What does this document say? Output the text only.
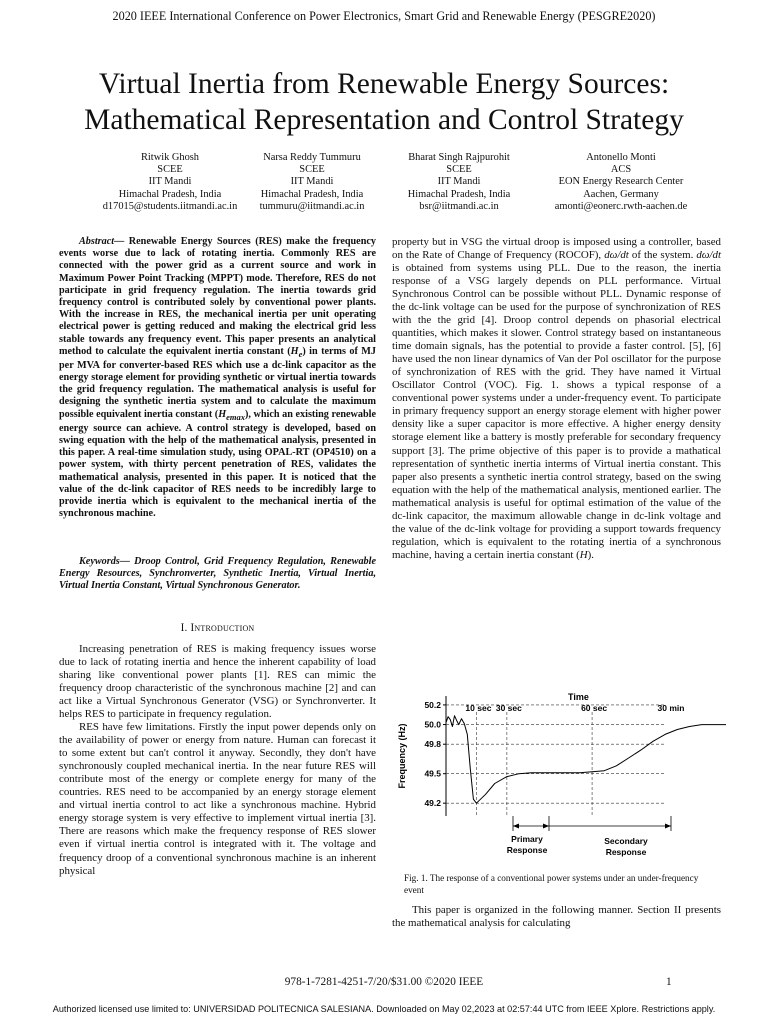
2020 IEEE International Conference on Power Electronics, Smart Grid and Renewable Energy (PESGRE2020)
Virtual Inertia from Renewable Energy Sources:
Mathematical Representation and Control Strategy
Ritwik Ghosh
SCEE
IIT Mandi
Himachal Pradesh, India
d17015@students.iitmandi.ac.in
Narsa Reddy Tummuru
SCEE
IIT Mandi
Himachal Pradesh, India
tummuru@iitmandi.ac.in
Bharat Singh Rajpurohit
SCEE
IIT Mandi
Himachal Pradesh, India
bsr@iitmandi.ac.in
Antonello Monti
ACS
EON Energy Research Center
Aachen, Germany
amonti@eonerc.rwth-aachen.de

Abstract— Renewable Energy Sources (RES) make the frequency events worse due to lack of rotating inertia. Commonly RES are connected with the power grid as a current source and work in Maximum Power Point Tracking (MPPT) mode. Therefore, RES do not participate in grid frequency regulation. The inertia towards grid frequency control is contributed solely by conventional power plants. With the increase in RES, the mechanical inertia per unit operating electrical power is getting reduced and making the electrical grid less stable towards any frequency event. This paper presents an analytical method to calculate the equivalent inertia constant $(H_e)$ in terms of MJ per MVA for converter-based RES which use a dc-link capacitor as the energy storage element for providing synthetic or virtual inertia towards the grid frequency regulation. The mathematical analysis is useful for designing the synthetic inertia system and to calculate the maximum possible equivalent inertia constant $(H_{emax})$, which an existing renewable energy source can achieve. A control strategy is developed, based on swing equation with the help of the mathematical analysis, presented in this paper. A real-time simulation study, using OPAL-RT (OP4510) on a power system, with thirty percent penetration of RES, validates the mathematical analysis, presented in this paper. It is noticed that the value of the dc-link capacitor of RES needs to be incredibly large to provide inertia which is equivalent to the mechanical inertia of the synchronous machine.

Keywords— Droop Control, Grid Frequency Regulation, Renewable Energy Resources, Synchronverter, Synthetic Inertia, Virtual Inertia, Virtual Inertia Constant, Virtual Synchronous Generator.

I. Introduction

Increasing penetration of RES is making frequency issues worse due to lack of rotating inertia and hence the inherent capability of load sharing like conventional power plants [1]. RES can mimic the frequency droop characteristic of the synchronous machine [2] and can act like a Virtual Synchronous Generator (VSG) or Synchronverter. It helps RES to participate in frequency regulation.

RES have few limitations. Firstly the input power depends only on the availability of power or energy from nature. Human can forecast it to some extent but can't control it anyway. Secondly, they don't have synchronously coupled mechanical inertia. In the near future RES will contribute most of the energy or complete energy for many of the countries. RES need to be accompanied by an energy storage element and virtual inertia control to act like a synchronous machine. Hybrid energy storage system is very effective to implement virtual inertia [3]. There are reasons which make the frequency response of RES slower even if virtual inertia control is integrated with it. The voltage and frequency droop of a conventional synchronous machine is an inherent physical

property but in VSG the virtual droop is imposed using a controller, based on the Rate of Change of Frequency (ROCOF), dω/dt of the system. dω/dt is obtained from systems using PLL. Due to the reason, the inertia response of a VSG largely depends on PLL performance. Virtual Synchronous Control can be possible without PLL. Dynamic response of the dc-link voltage can be used for the purpose of synchronization of RES with the the grid [4]. Droop control depends on phasorial electrical quantities, which makes it slower. Control strategy based on instantaneous time domain signals, has the potential to provide a faster control. [5], [6] have used the non linear dynamics of Van der Pol oscillator for the purpose of synchronization of RES with the grid. They have named it Virtual Oscillator Control (VOC). Fig. 1. shows a typical response of a conventional power systems under a under-frequency event. To participate in primary frequency support an energy storage element with higher power density like a super capacitor is more effective. A higher energy density storage element like a battery is mostly preferable for secondary frequency support [3]. The prime objective of this paper is to provide a mathatical representation of synthetic inertia interms of Virtual inertia constant. This paper also presents a synthetic inertia control strategy, based on the swing equation with the help of the mathematical analysis, mentioned earlier. The mathematical analysis is useful for optimal estimation of the value of the dc-link capacitor, the maximum allowable change in dc-link voltage and the value of the dc-link voltage for providing a support towards frequency regulation, which is equivalent to the rotating inertia of a synchronous machine, having a certain inertia constant (H).

Frequency (Hz)
Time
50.2
50.0
49.8
49.5
49.2
10 sec 30 sec	60 sec	30 min
Primary
Response
Secondary
Response
Fig. 1. The response of a conventional power systems under an under-frequency event

This paper is organized in the following manner. Section II presents the mathematical analysis for calculating

978-1-7281-4251-7/20/$31.00 ©2020 IEEE	1
Authorized licensed use limited to: UNIVERSIDAD POLITECNICA SALESIANA. Downloaded on May 02,2023 at 02:57:44 UTC from IEEE Xplore. Restrictions apply.
